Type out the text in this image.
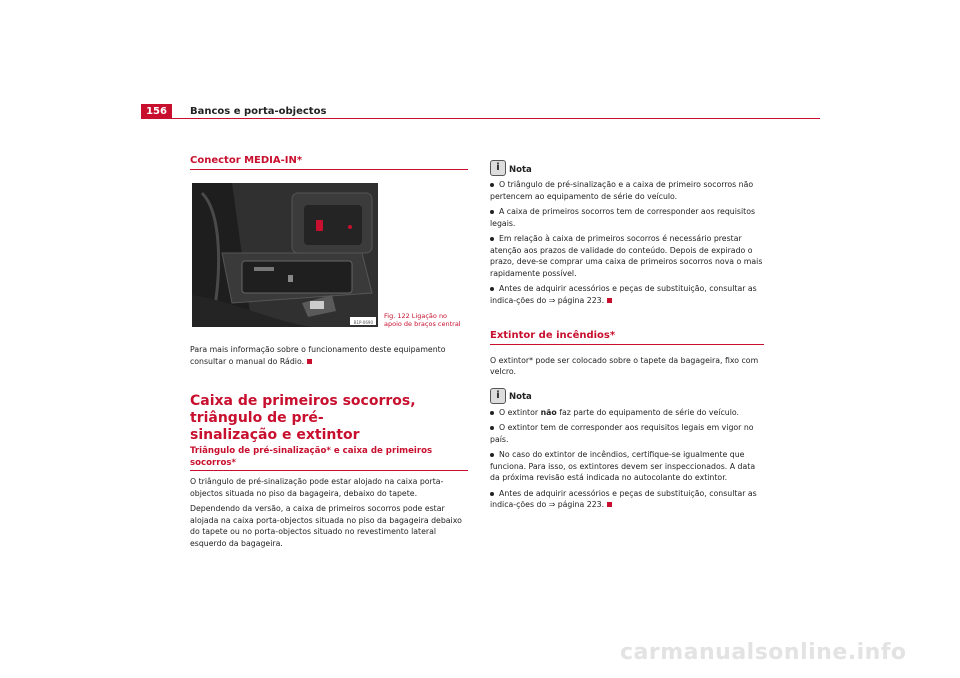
156	Bancos e porta-objectos
Conector MEDIA-IN*
B1P-0690
Fig. 122 Ligação no
apoio de braços central

Para mais informação sobre o funcionamento deste equipamento consultar o manual do Rádio.

Caixa de primeiros socorros, triângulo de pré-
sinalização e extintor
Triângulo de pré-sinalização* e caixa de primeiros socorros*

O triângulo de pré-sinalização pode estar alojado na caixa porta-objectos situada no piso da bagageira, debaixo do tapete.

Dependendo da versão, a caixa de primeiros socorros pode estar alojada na caixa porta-objectos situada no piso da bagageira debaixo do tapete ou no porta-objectos situado no revestimento lateral esquerdo da bagageira.

i	Nota

O triângulo de pré-sinalização e a caixa de primeiro socorros não pertencem ao equipamento de série do veículo.

A caixa de primeiros socorros tem de corresponder aos requisitos legais.

Em relação à caixa de primeiros socorros é necessário prestar atenção aos prazos de validade do conteúdo. Depois de expirado o prazo, deve-se comprar uma caixa de primeiros socorros nova o mais rapidamente possível.

Antes de adquirir acessórios e peças de substituição, consultar as indica-ções do ⇒ página 223.

Extintor de incêndios*

O extintor* pode ser colocado sobre o tapete da bagageira, fixo com velcro.

i	Nota

O extintor não faz parte do equipamento de série do veículo.

O extintor tem de corresponder aos requisitos legais em vigor no país.

No caso do extintor de incêndios, certifique-se igualmente que funciona. Para isso, os extintores devem ser inspeccionados. A data da próxima revisão está indicada no autocolante do extintor.

Antes de adquirir acessórios e peças de substituição, consultar as indica-ções do ⇒ página 223.

carmanualsonline.info
